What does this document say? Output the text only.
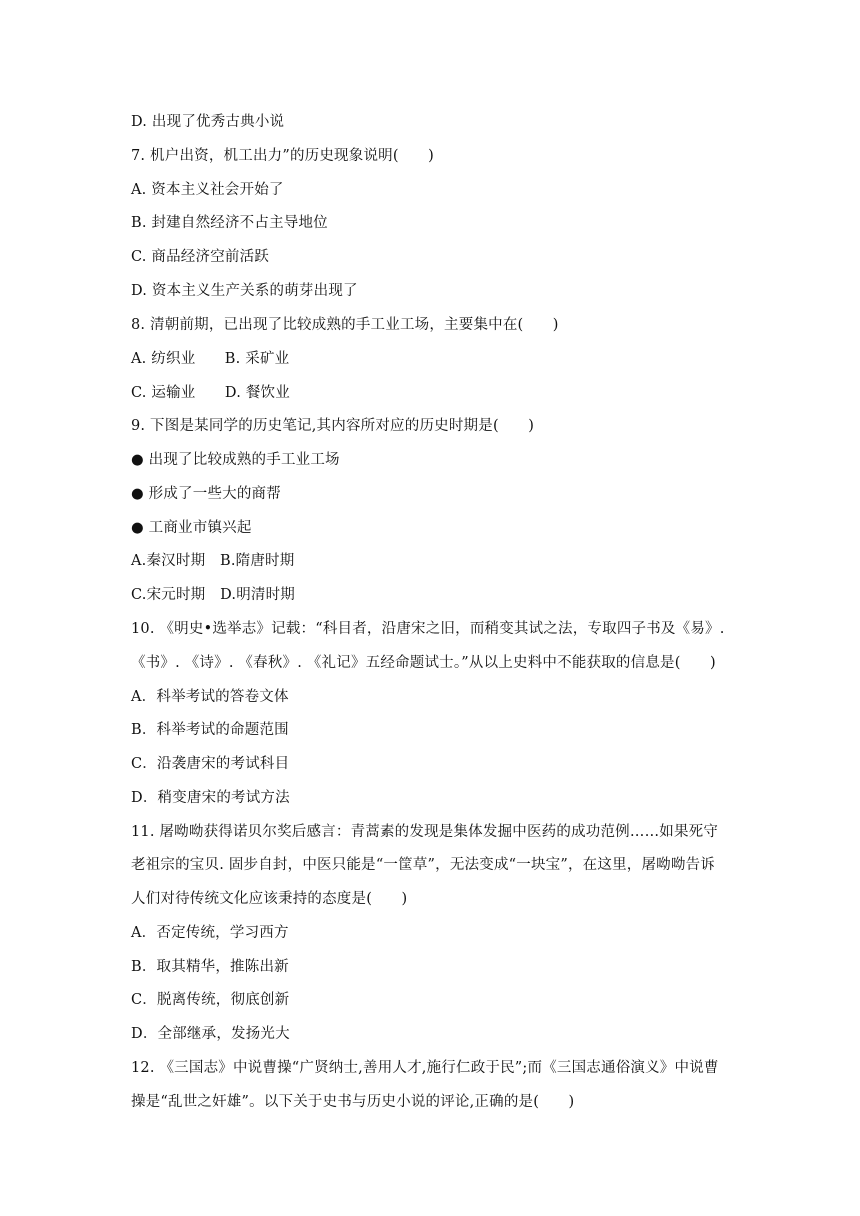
D. 出现了优秀古典小说
7. 机户出资，机工出力”的历史现象说明(　　)
A. 资本主义社会开始了
B. 封建自然经济不占主导地位
C. 商品经济空前活跃
D. 资本主义生产关系的萌芽出现了
8. 清朝前期，已出现了比较成熟的手工业工场，主要集中在(　　)
A. 纺织业　　B. 采矿业
C. 运输业　　D. 餐饮业
9. 下图是某同学的历史笔记,其内容所对应的历史时期是(　　)
● 出现了比较成熟的手工业工场
● 形成了一些大的商帮
● 工商业市镇兴起
A.秦汉时期　B.隋唐时期
C.宋元时期　D.明清时期
10. 《明史•选举志》记载：“科目者，沿唐宋之旧，而稍变其试之法，专取四子书及《易》.
《书》. 《诗》. 《春秋》. 《礼记》五经命题试士。”从以上史料中不能获取的信息是(　　)
A．科举考试的答卷文体
B．科举考试的命题范围
C．沿袭唐宋的考试科目
D．稍变唐宋的考试方法
11. 屠呦呦获得诺贝尔奖后感言：青蒿素的发现是集体发掘中医药的成功范例……如果死守
老祖宗的宝贝. 固步自封，中医只能是“一筐草”，无法变成“一块宝”，在这里，屠呦呦告诉
人们对待传统文化应该秉持的态度是(　　)
A．否定传统，学习西方
B．取其精华，推陈出新
C．脱离传统，彻底创新
D．全部继承，发扬光大
12. 《三国志》中说曹操“广贤纳士,善用人才,施行仁政于民”;而《三国志通俗演义》中说曹
操是“乱世之奸雄”。以下关于史书与历史小说的评论,正确的是(　　)
